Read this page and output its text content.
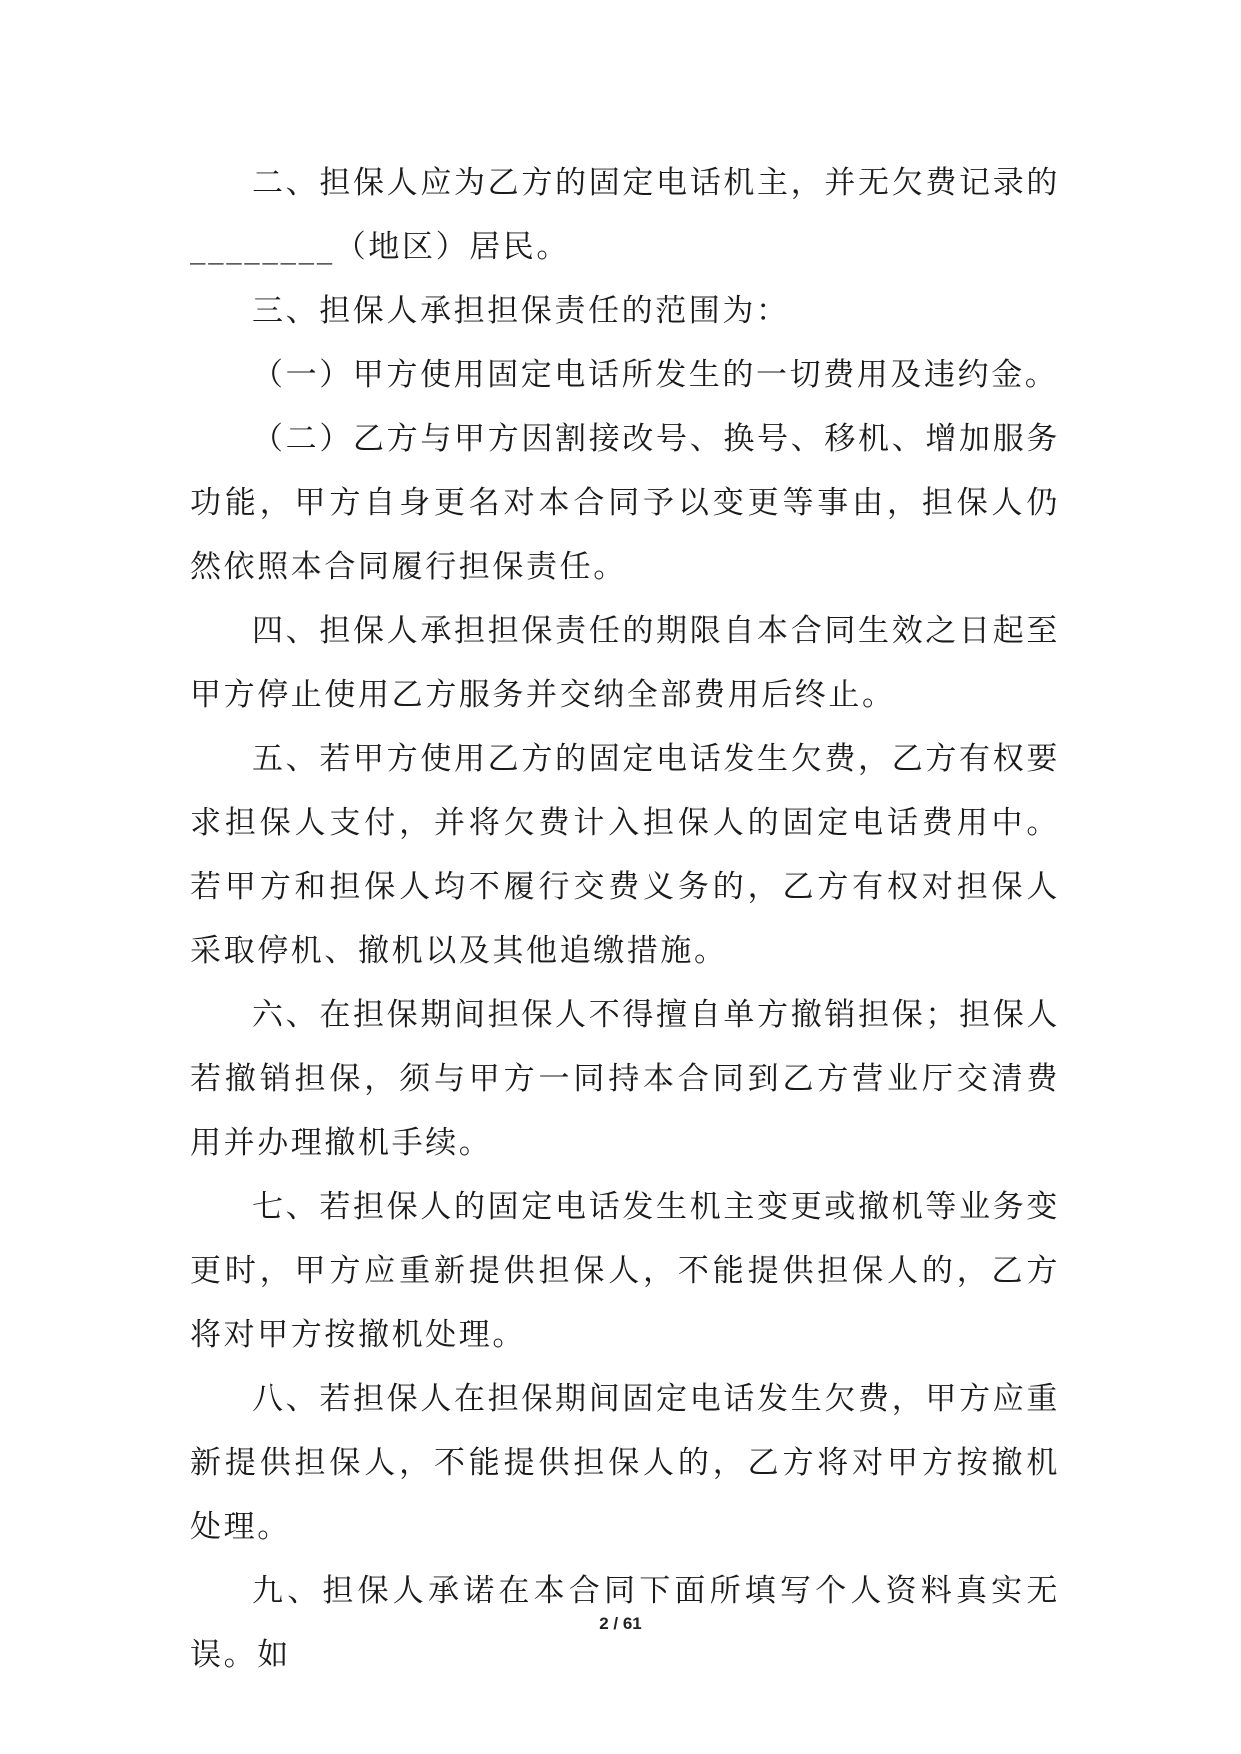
二、担保人应为乙方的固定电话机主，并无欠费记录的________（地区）居民。

三、担保人承担担保责任的范围为：

（一）甲方使用固定电话所发生的一切费用及违约金。

（二）乙方与甲方因割接改号、换号、移机、增加服务功能，甲方自身更名对本合同予以变更等事由，担保人仍然依照本合同履行担保责任。

四、担保人承担担保责任的期限自本合同生效之日起至甲方停止使用乙方服务并交纳全部费用后终止。

五、若甲方使用乙方的固定电话发生欠费，乙方有权要求担保人支付，并将欠费计入担保人的固定电话费用中。若甲方和担保人均不履行交费义务的，乙方有权对担保人采取停机、撤机以及其他追缴措施。

六、在担保期间担保人不得擅自单方撤销担保；担保人若撤销担保，须与甲方一同持本合同到乙方营业厅交清费用并办理撤机手续。

七、若担保人的固定电话发生机主变更或撤机等业务变更时，甲方应重新提供担保人，不能提供担保人的，乙方将对甲方按撤机处理。

八、若担保人在担保期间固定电话发生欠费，甲方应重新提供担保人，不能提供担保人的，乙方将对甲方按撤机处理。

九、担保人承诺在本合同下面所填写个人资料真实无误。如

2 / 61
